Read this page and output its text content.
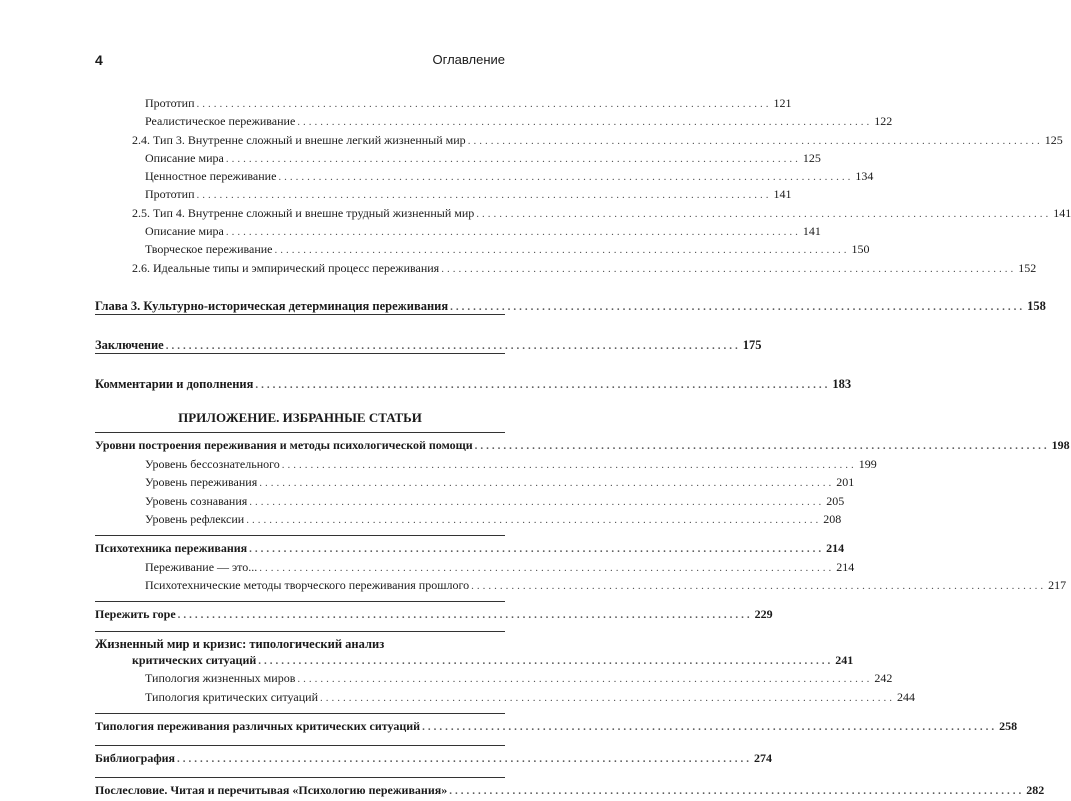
4	Оглавление
Прототип .................................................................................................... 121
Реалистическое переживание .................................................................................................... 122
2.4. Тип 3. Внутренне сложный и внешне легкий жизненный мир .................................................................................................... 125
Описание мира .................................................................................................... 125
Ценностное переживание .................................................................................................... 134
Прототип .................................................................................................... 141
2.5. Тип 4. Внутренне сложный и внешне трудный жизненный мир .................................................................................................... 141
Описание мира .................................................................................................... 141
Творческое переживание .................................................................................................... 150
2.6. Идеальные типы и эмпирический процесс переживания .................................................................................................... 152
Глава 3. Культурно-историческая детерминация переживания .................................................................................................... 158
Заключение .................................................................................................... 175
Комментарии и дополнения .................................................................................................... 183
ПРИЛОЖЕНИЕ. ИЗБРАННЫЕ СТАТЬИ
Уровни построения переживания и методы психологической помощи .................................................................................................... 198
Уровень бессознательного .................................................................................................... 199
Уровень переживания .................................................................................................... 201
Уровень сознавания .................................................................................................... 205
Уровень рефлексии .................................................................................................... 208
Психотехника переживания .................................................................................................... 214
Переживание — это... .................................................................................................... 214
Психотехнические методы творческого переживания прошлого .................................................................................................... 217
Пережить горе .................................................................................................... 229
Жизненный мир и кризис: типологический анализ
критических ситуаций .................................................................................................... 241
Типология жизненных миров .................................................................................................... 242
Типология критических ситуаций .................................................................................................... 244
Типология переживания различных критических ситуаций .................................................................................................... 258
Библиография .................................................................................................... 274
Послесловие. Читая и перечитывая «Психологию переживания» .................................................................................................... 282
